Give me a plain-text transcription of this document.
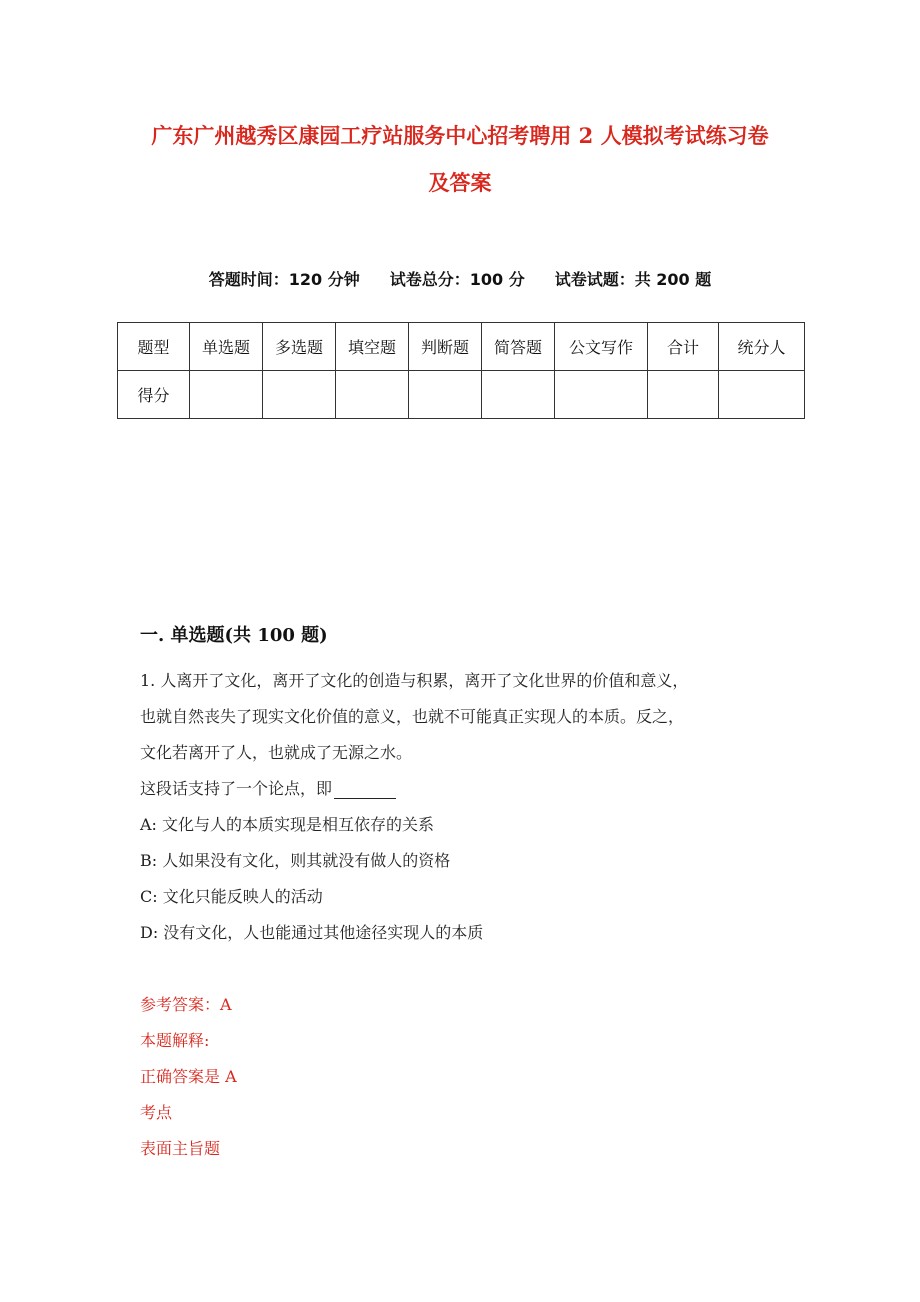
广东广州越秀区康园工疗站服务中心招考聘用 2 人模拟考试练习卷
及答案
答题时间：120 分钟 试卷总分：100 分 试卷试题：共 200 题
题型	单选题	多选题	填空题	判断题	简答题	公文写作	合计	统分人
得分								
一. 单选题(共 100 题)
1. 人离开了文化，离开了文化的创造与积累，离开了文化世界的价值和意义，
也就自然丧失了现实文化价值的意义，也就不可能真正实现人的本质。反之，
文化若离开了人，也就成了无源之水。
这段话支持了一个论点，即
A: 文化与人的本质实现是相互依存的关系
B: 人如果没有文化，则其就没有做人的资格
C: 文化只能反映人的活动
D: 没有文化，人也能通过其他途径实现人的本质
参考答案：A
本题解释:
正确答案是 A
考点
表面主旨题
